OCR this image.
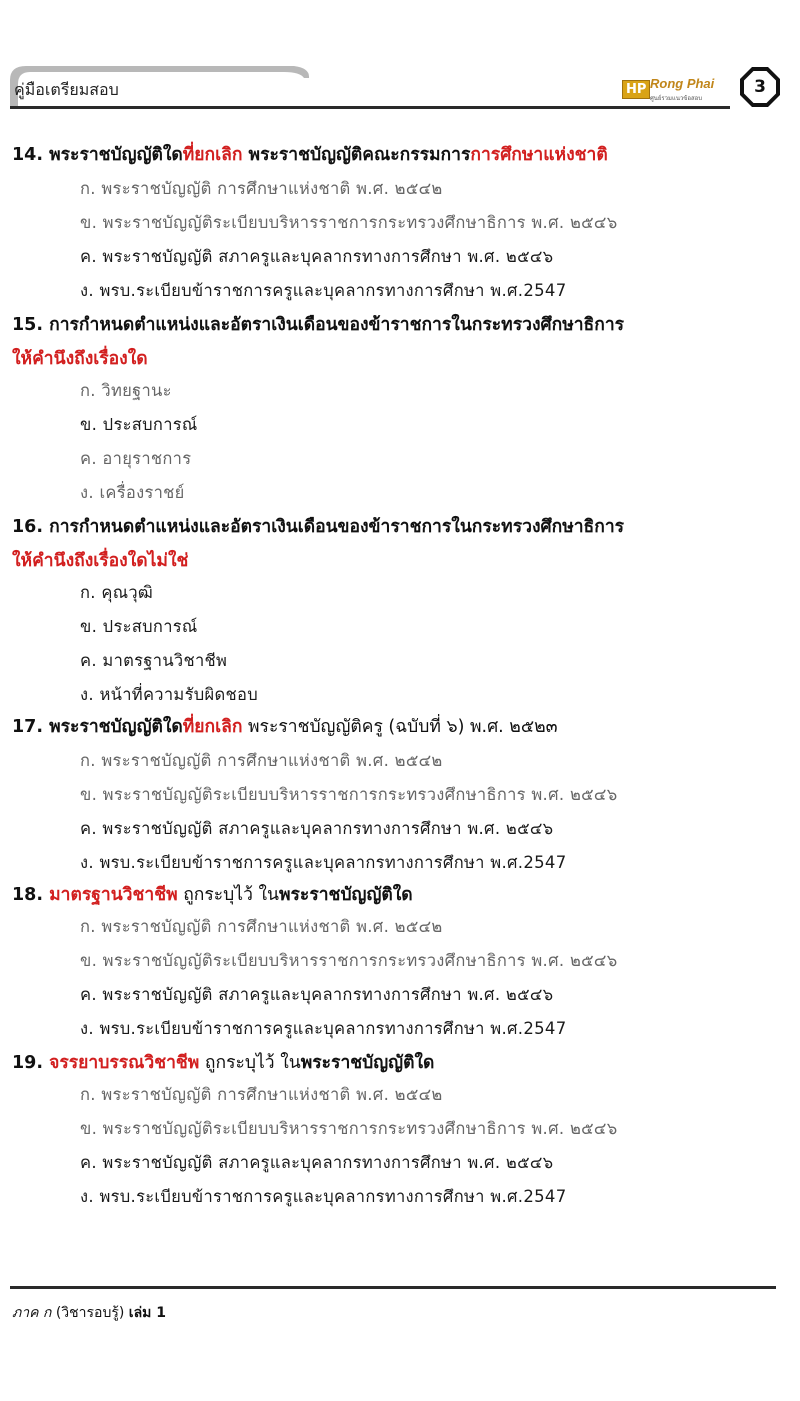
คู่มือเตรียมสอบ	HP Rong Phai
ศูนย์รวมแนวข้อสอบ
3
14. พระราชบัญญัติใดที่ยกเลิก พระราชบัญญัติคณะกรรมการการศึกษาแห่งชาติ
ก. พระราชบัญญัติ การศึกษาแห่งชาติ พ.ศ. ๒๕๔๒
ข. พระราชบัญญัติระเบียบบริหารราชการกระทรวงศึกษาธิการ พ.ศ. ๒๕๔๖
ค. พระราชบัญญัติ สภาครูและบุคลากรทางการศึกษา พ.ศ. ๒๕๔๖
ง. พรบ.ระเบียบข้าราชการครูและบุคลากรทางการศึกษา พ.ศ.2547
15. การกำหนดตำแหน่งและอัตราเงินเดือนของข้าราชการในกระทรวงศึกษาธิการ
ให้คำนึงถึงเรื่องใด
ก. วิทยฐานะ
ข. ประสบการณ์
ค. อายุราชการ
ง. เครื่องราชย์
16. การกำหนดตำแหน่งและอัตราเงินเดือนของข้าราชการในกระทรวงศึกษาธิการ
ให้คำนึงถึงเรื่องใดไม่ใช่
ก. คุณวุฒิ
ข. ประสบการณ์
ค. มาตรฐานวิชาชีพ
ง. หน้าที่ความรับผิดชอบ
17. พระราชบัญญัติใดที่ยกเลิก พระราชบัญญัติครู (ฉบับที่ ๖) พ.ศ. ๒๕๒๓
ก. พระราชบัญญัติ การศึกษาแห่งชาติ พ.ศ. ๒๕๔๒
ข. พระราชบัญญัติระเบียบบริหารราชการกระทรวงศึกษาธิการ พ.ศ. ๒๕๔๖
ค. พระราชบัญญัติ สภาครูและบุคลากรทางการศึกษา พ.ศ. ๒๕๔๖
ง. พรบ.ระเบียบข้าราชการครูและบุคลากรทางการศึกษา พ.ศ.2547
18. มาตรฐานวิชาชีพ ถูกระบุไว้ ในพระราชบัญญัติใด
ก. พระราชบัญญัติ การศึกษาแห่งชาติ พ.ศ. ๒๕๔๒
ข. พระราชบัญญัติระเบียบบริหารราชการกระทรวงศึกษาธิการ พ.ศ. ๒๕๔๖
ค. พระราชบัญญัติ สภาครูและบุคลากรทางการศึกษา พ.ศ. ๒๕๔๖
ง. พรบ.ระเบียบข้าราชการครูและบุคลากรทางการศึกษา พ.ศ.2547
19. จรรยาบรรณวิชาชีพ ถูกระบุไว้ ในพระราชบัญญัติใด
ก. พระราชบัญญัติ การศึกษาแห่งชาติ พ.ศ. ๒๕๔๒
ข. พระราชบัญญัติระเบียบบริหารราชการกระทรวงศึกษาธิการ พ.ศ. ๒๕๔๖
ค. พระราชบัญญัติ สภาครูและบุคลากรทางการศึกษา พ.ศ. ๒๕๔๖
ง. พรบ.ระเบียบข้าราชการครูและบุคลากรทางการศึกษา พ.ศ.2547
ภาค ก (วิชารอบรู้) เล่ม 1
